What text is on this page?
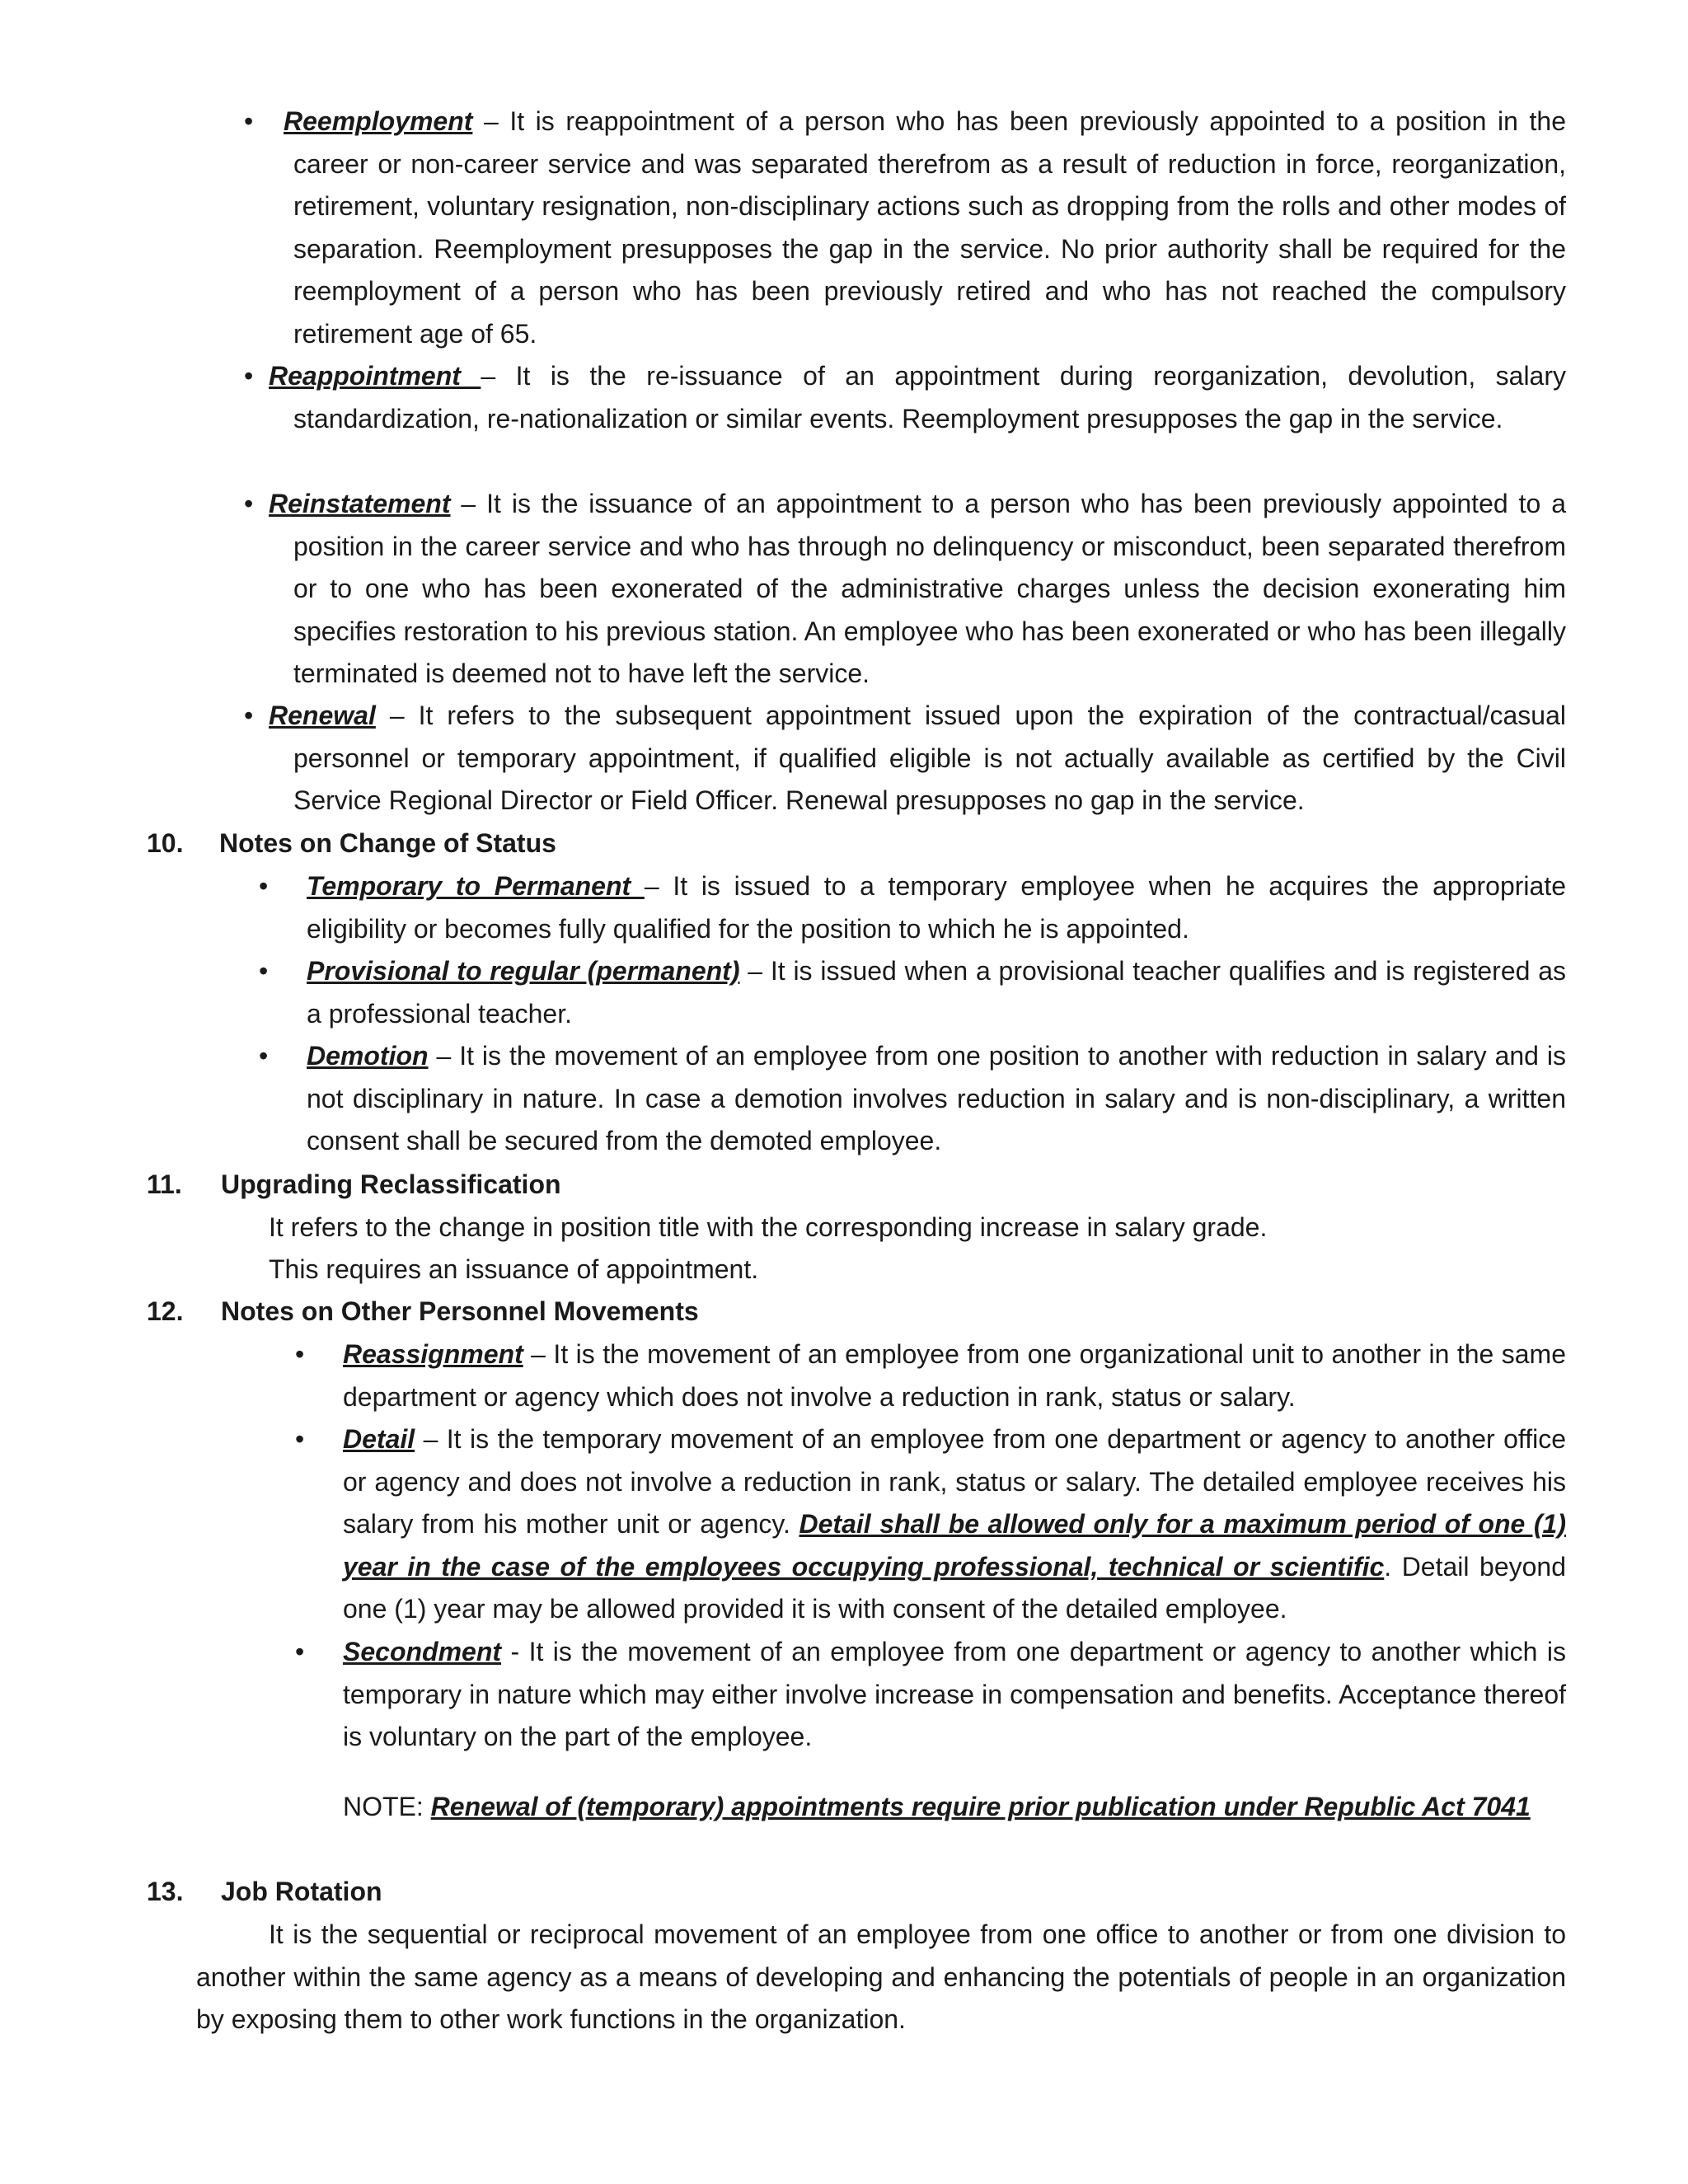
• Reemployment – It is reappointment of a person who has been previously appointed to a position in the career or non-career service and was separated therefrom as a result of reduction in force, reorganization, retirement, voluntary resignation, non-disciplinary actions such as dropping from the rolls and other modes of separation. Reemployment presupposes the gap in the service. No prior authority shall be required for the reemployment of a person who has been previously retired and who has not reached the compulsory retirement age of 65.

• Reappointment – It is the re-issuance of an appointment during reorganization, devolution, salary standardization, re-nationalization or similar events. Reemployment presupposes the gap in the service.

• Reinstatement – It is the issuance of an appointment to a person who has been previously appointed to a position in the career service and who has through no delinquency or misconduct, been separated therefrom or to one who has been exonerated of the administrative charges unless the decision exonerating him specifies restoration to his previous station. An employee who has been exonerated or who has been illegally terminated is deemed not to have left the service.

• Renewal – It refers to the subsequent appointment issued upon the expiration of the contractual/casual personnel or temporary appointment, if qualified eligible is not actually available as certified by the Civil Service Regional Director or Field Officer. Renewal presupposes no gap in the service.

10. Notes on Change of Status

• Temporary to Permanent – It is issued to a temporary employee when he acquires the appropriate eligibility or becomes fully qualified for the position to which he is appointed.

• Provisional to regular (permanent) – It is issued when a provisional teacher qualifies and is registered as a professional teacher.

• Demotion – It is the movement of an employee from one position to another with reduction in salary and is not disciplinary in nature. In case a demotion involves reduction in salary and is non-disciplinary, a written consent shall be secured from the demoted employee.

11. Upgrading Reclassification

It refers to the change in position title with the corresponding increase in salary grade.

This requires an issuance of appointment.

12. Notes on Other Personnel Movements

• Reassignment – It is the movement of an employee from one organizational unit to another in the same department or agency which does not involve a reduction in rank, status or salary.

• Detail – It is the temporary movement of an employee from one department or agency to another office or agency and does not involve a reduction in rank, status or salary. The detailed employee receives his salary from his mother unit or agency. Detail shall be allowed only for a maximum period of one (1) year in the case of the employees occupying professional, technical or scientific. Detail beyond one (1) year may be allowed provided it is with consent of the detailed employee.

• Secondment - It is the movement of an employee from one department or agency to another which is temporary in nature which may either involve increase in compensation and benefits. Acceptance thereof is voluntary on the part of the employee.

NOTE: Renewal of (temporary) appointments require prior publication under Republic Act 7041

13. Job Rotation

It is the sequential or reciprocal movement of an employee from one office to another or from one division to another within the same agency as a means of developing and enhancing the potentials of people in an organization by exposing them to other work functions in the organization.
